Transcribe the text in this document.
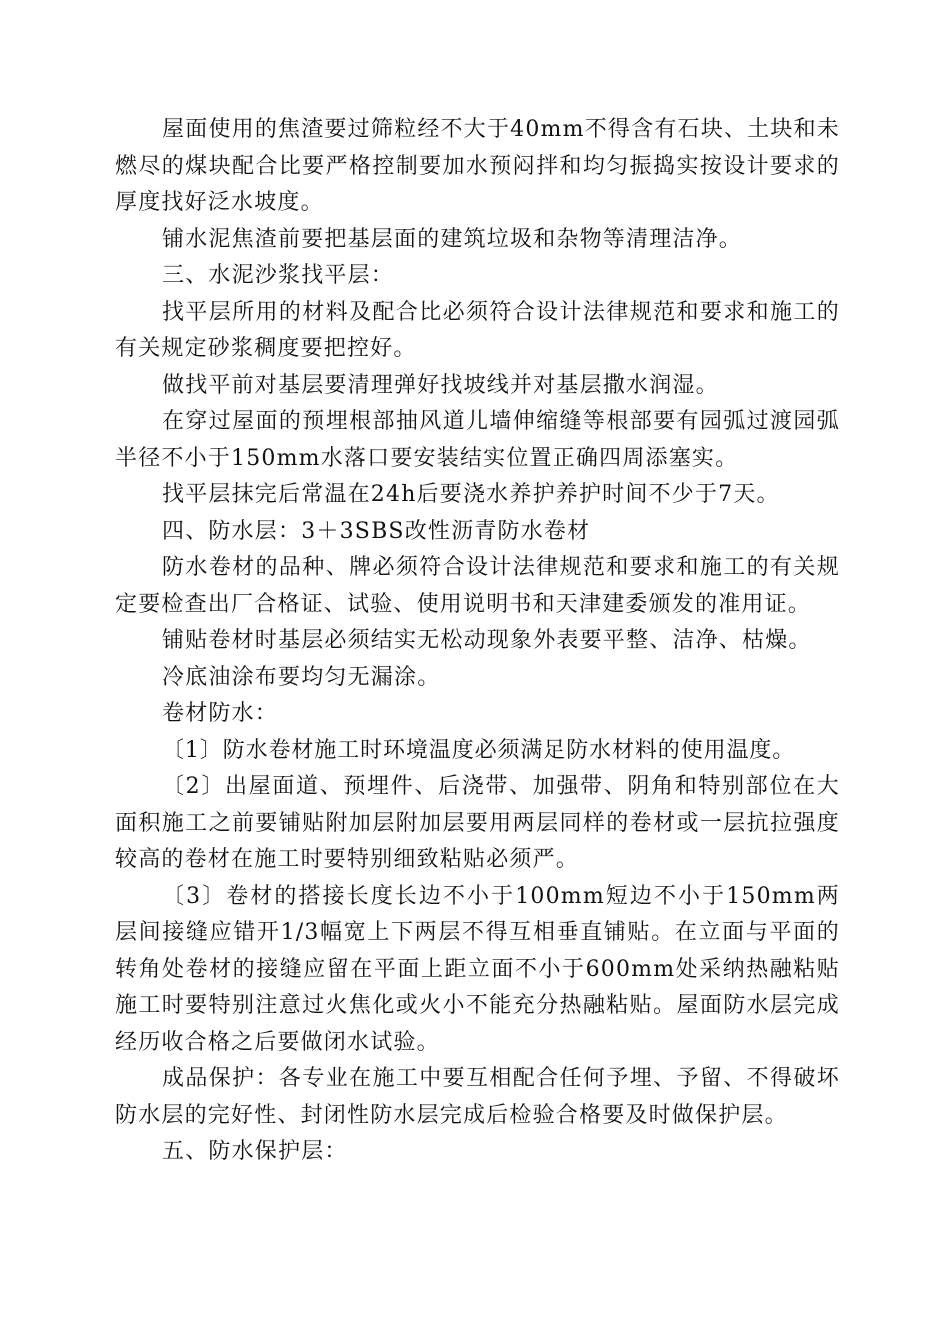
屋面使用的焦渣要过筛粒经不大于40mm不得含有石块、土块和未燃尽的煤块配合比要严格控制要加水预闷拌和均匀振捣实按设计要求的厚度找好泛水坡度。

铺水泥焦渣前要把基层面的建筑垃圾和杂物等清理洁净。

三、水泥沙浆找平层：

找平层所用的材料及配合比必须符合设计法律规范和要求和施工的有关规定砂浆稠度要把控好。

做找平前对基层要清理弹好找坡线并对基层撒水润湿。

在穿过屋面的预埋根部抽风道儿墙伸缩缝等根部要有园弧过渡园弧半径不小于150mm水落口要安装结实位置正确四周添塞实。

找平层抹完后常温在24h后要浇水养护养护时间不少于7天。

四、防水层：3＋3SBS改性沥青防水卷材

防水卷材的品种、牌必须符合设计法律规范和要求和施工的有关规定要检查出厂合格证、试验、使用说明书和天津建委颁发的准用证。

铺贴卷材时基层必须结实无松动现象外表要平整、洁净、枯燥。

冷底油涂布要均匀无漏涂。

卷材防水：

〔1〕防水卷材施工时环境温度必须满足防水材料的使用温度。

〔2〕出屋面道、预埋件、后浇带、加强带、阴角和特别部位在大面积施工之前要铺贴附加层附加层要用两层同样的卷材或一层抗拉强度较高的卷材在施工时要特别细致粘贴必须严。

〔3〕卷材的搭接长度长边不小于100mm短边不小于150mm两层间接缝应错开1/3幅宽上下两层不得互相垂直铺贴。在立面与平面的转角处卷材的接缝应留在平面上距立面不小于600mm处采纳热融粘贴施工时要特别注意过火焦化或火小不能充分热融粘贴。屋面防水层完成经历收合格之后要做闭水试验。

成品保护：各专业在施工中要互相配合任何予埋、予留、不得破坏防水层的完好性、封闭性防水层完成后检验合格要及时做保护层。

五、防水保护层：
